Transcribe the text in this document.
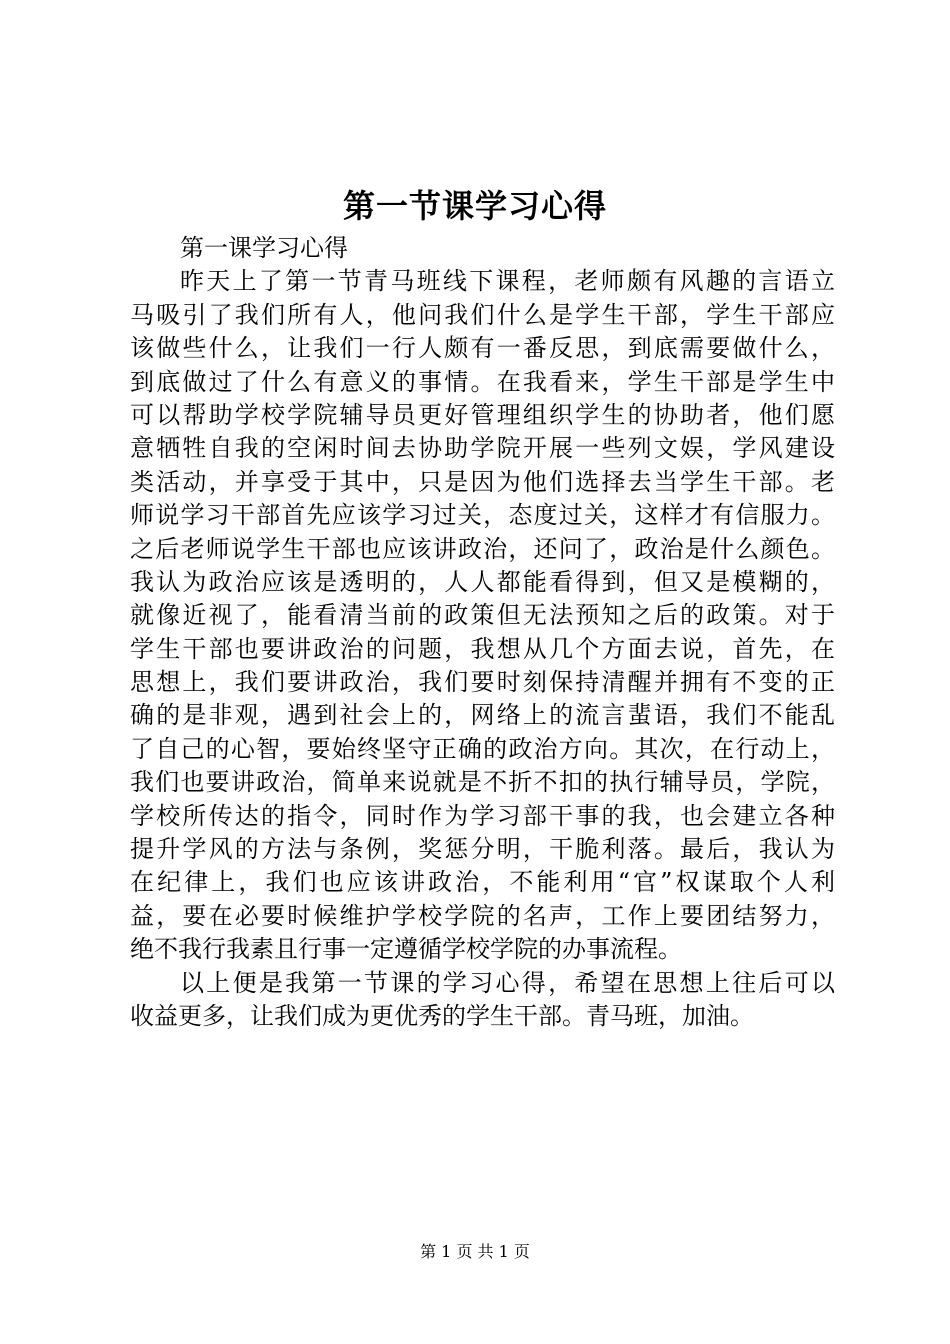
第一节课学习心得
第一课学习心得
昨天上了第一节青马班线下课程，老师颇有风趣的言语立
马吸引了我们所有人，他问我们什么是学生干部，学生干部应
该做些什么，让我们一行人颇有一番反思，到底需要做什么，
到底做过了什么有意义的事情。在我看来，学生干部是学生中
可以帮助学校学院辅导员更好管理组织学生的协助者，他们愿
意牺牲自我的空闲时间去协助学院开展一些列文娱，学风建设
类活动，并享受于其中，只是因为他们选择去当学生干部。老
师说学习干部首先应该学习过关，态度过关，这样才有信服力。
之后老师说学生干部也应该讲政治，还问了，政治是什么颜色。
我认为政治应该是透明的，人人都能看得到，但又是模糊的，
就像近视了，能看清当前的政策但无法预知之后的政策。对于
学生干部也要讲政治的问题，我想从几个方面去说，首先，在
思想上，我们要讲政治，我们要时刻保持清醒并拥有不变的正
确的是非观，遇到社会上的，网络上的流言蜚语，我们不能乱
了自己的心智，要始终坚守正确的政治方向。其次，在行动上，
我们也要讲政治，简单来说就是不折不扣的执行辅导员，学院，
学校所传达的指令，同时作为学习部干事的我，也会建立各种
提升学风的方法与条例，奖惩分明，干脆利落。最后，我认为
在纪律上，我们也应该讲政治，不能利用“官”权谋取个人利
益，要在必要时候维护学校学院的名声，工作上要团结努力，
绝不我行我素且行事一定遵循学校学院的办事流程。
以上便是我第一节课的学习心得，希望在思想上往后可以
收益更多，让我们成为更优秀的学生干部。青马班，加油。
第 1 页 共 1 页
